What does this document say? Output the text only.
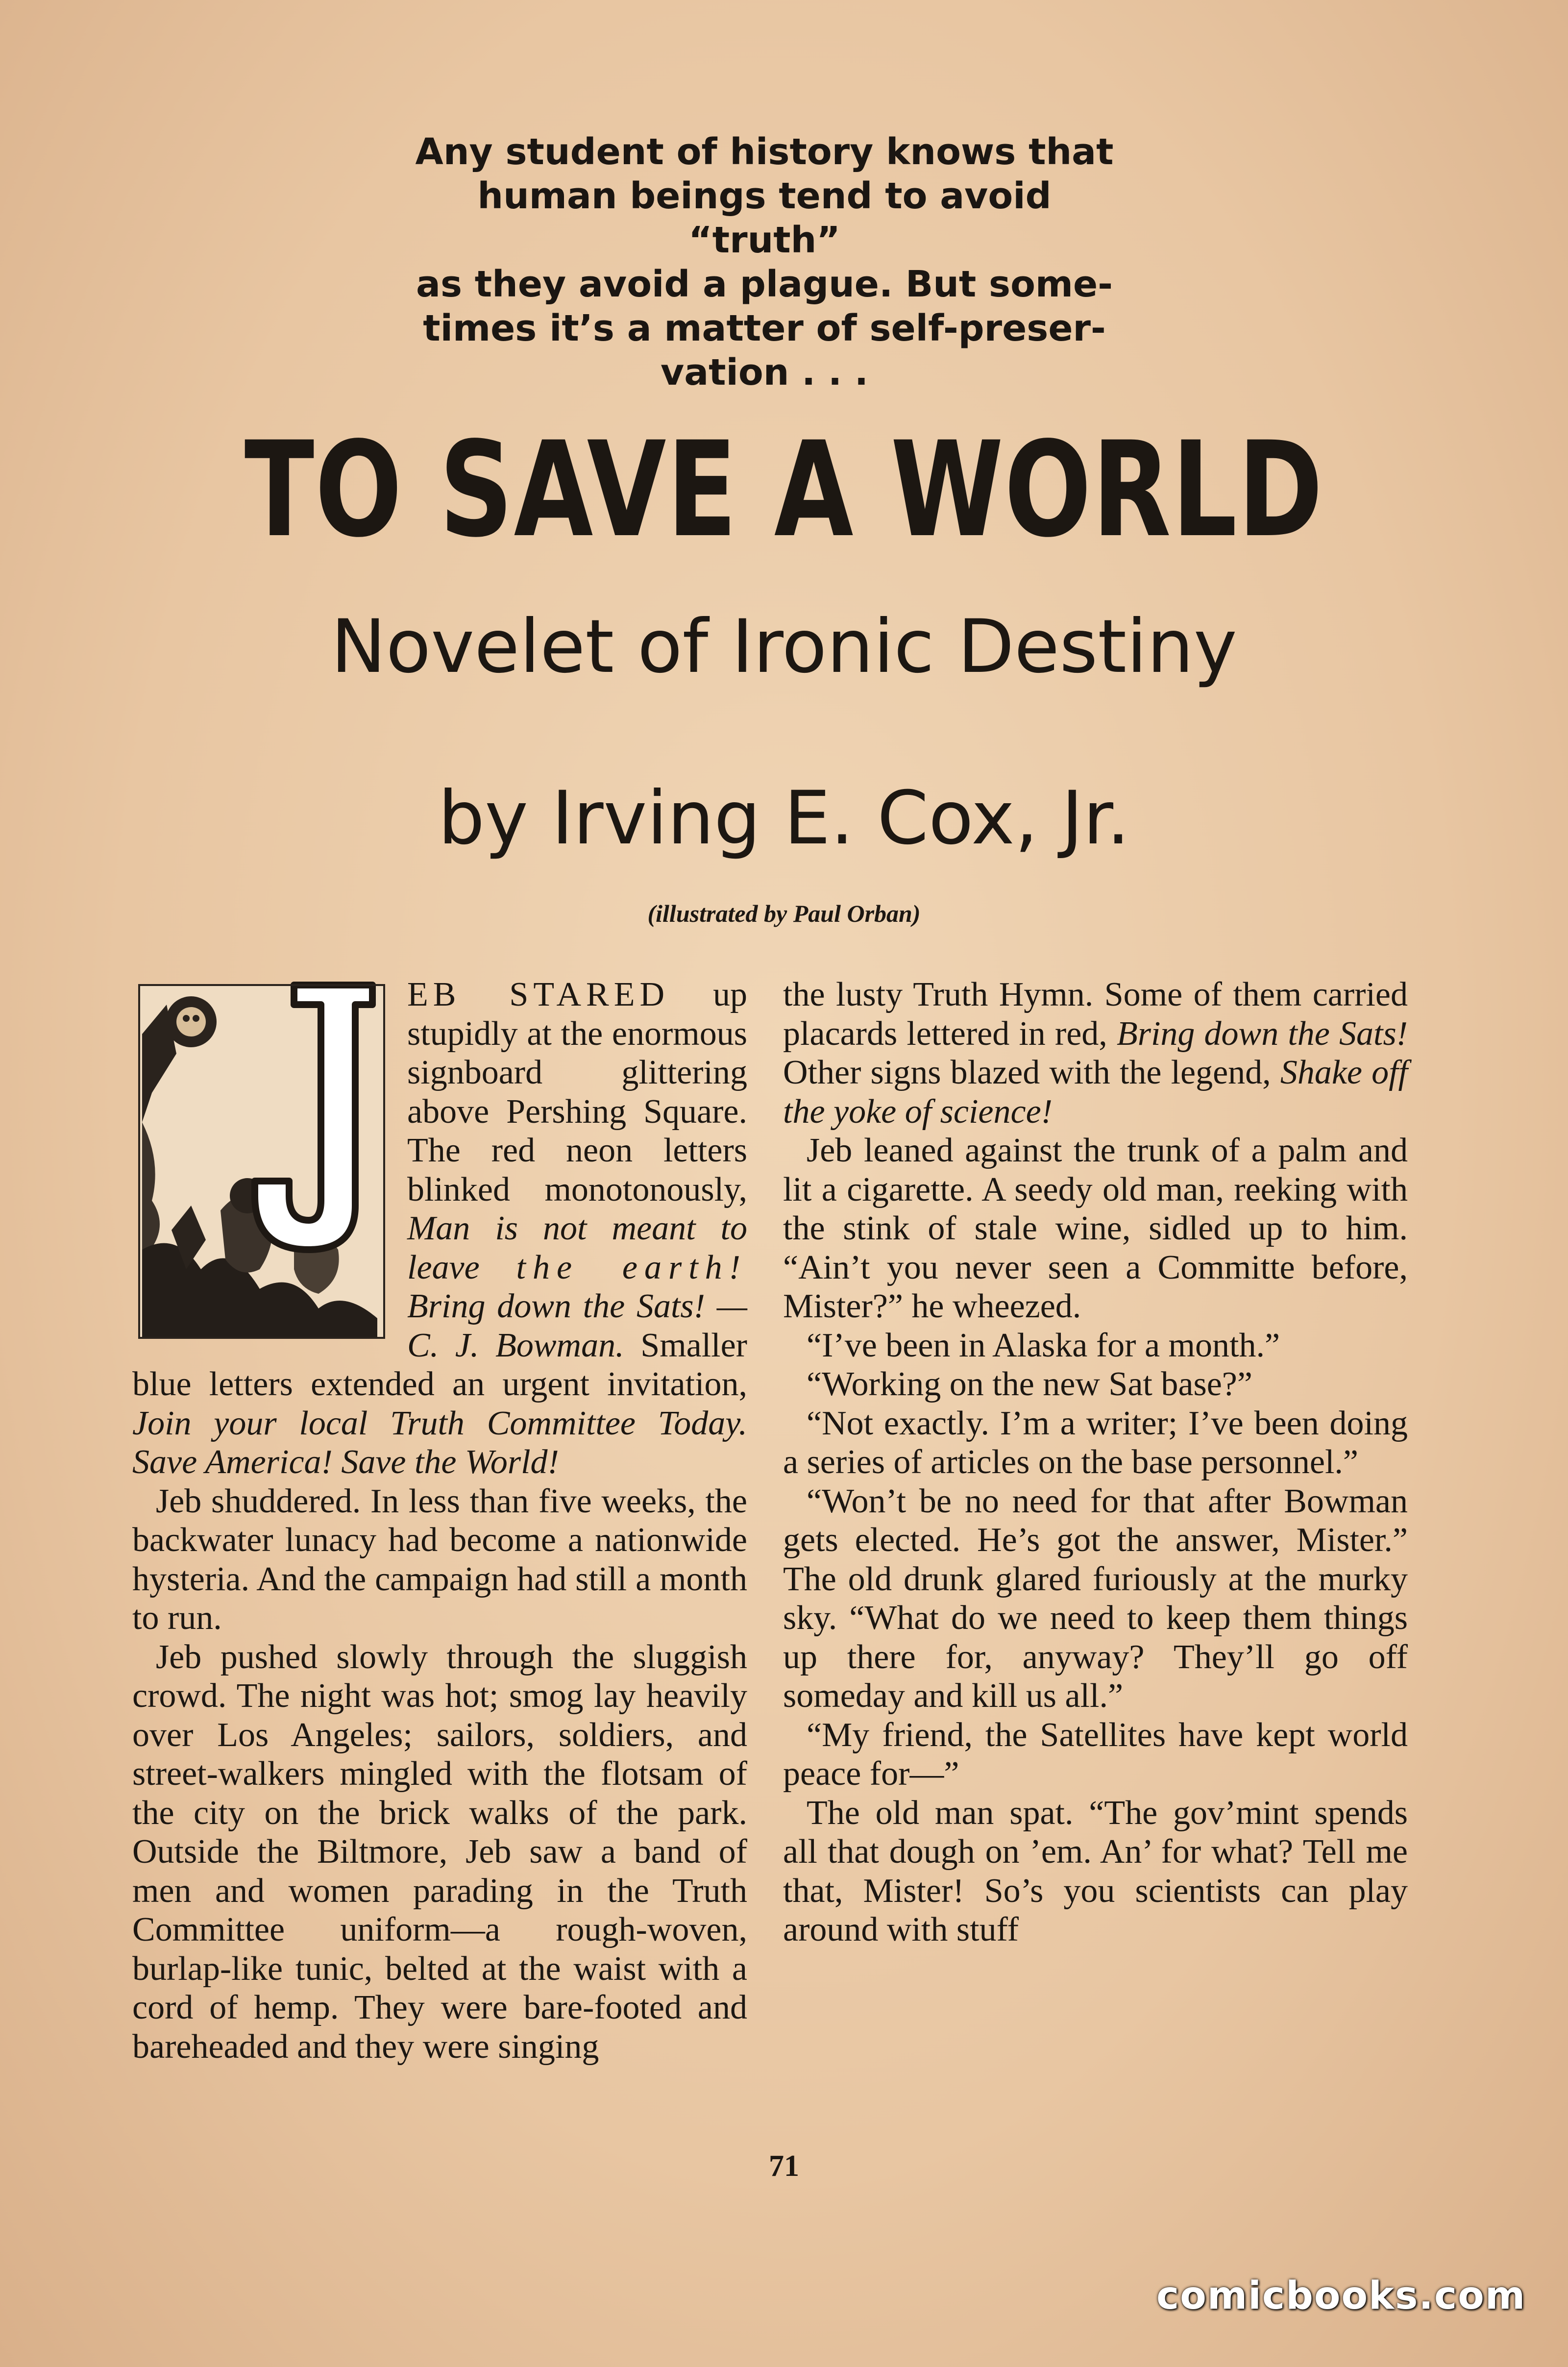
Any student of history knows that
human beings tend to avoid “truth”
as they avoid a plague. But some-
times it’s a matter of self-preser-
vation . . .
TO SAVE A WORLD
Novelet of Ironic Destiny
by Irving E. Cox, Jr.
(illustrated by Paul Orban)

EB STARED up stupidly at the enormous signboard glittering above Pershing Square. The red neon letters blinked monotonously, Man is not meant to leave the earth! Bring down the Sats! —C. J. Bowman. Smaller blue letters extended an urgent invitation, Join your local Truth Committee Today. Save America! Save the World!

Jeb shuddered. In less than five weeks, the backwater lunacy had become a nationwide hysteria. And the campaign had still a month to run.

Jeb pushed slowly through the sluggish crowd. The night was hot; smog lay heavily over Los Angeles; sailors, soldiers, and street-walkers mingled with the flotsam of the city on the brick walks of the park. Outside the Biltmore, Jeb saw a band of men and women parading in the Truth Committee uniform—a rough-woven, burlap-like tunic, belted at the waist with a cord of hemp. They were bare-footed and bareheaded and they were singing

the lusty Truth Hymn. Some of them carried placards lettered in red, Bring down the Sats! Other signs blazed with the legend, Shake off the yoke of science!

Jeb leaned against the trunk of a palm and lit a cigarette. A seedy old man, reeking with the stink of stale wine, sidled up to him. “Ain’t you never seen a Committe before, Mister?” he wheezed.

“I’ve been in Alaska for a month.”

“Working on the new Sat base?”

“Not exactly. I’m a writer; I’ve been doing a series of articles on the base personnel.”

“Won’t be no need for that after Bowman gets elected. He’s got the answer, Mister.” The old drunk glared furiously at the murky sky. “What do we need to keep them things up there for, anyway? They’ll go off someday and kill us all.”

“My friend, the Satellites have kept world peace for—”

The old man spat. “The gov’mint spends all that dough on ’em. An’ for what? Tell me that, Mister! So’s you scientists can play around with stuff

71
comicbooks.com
